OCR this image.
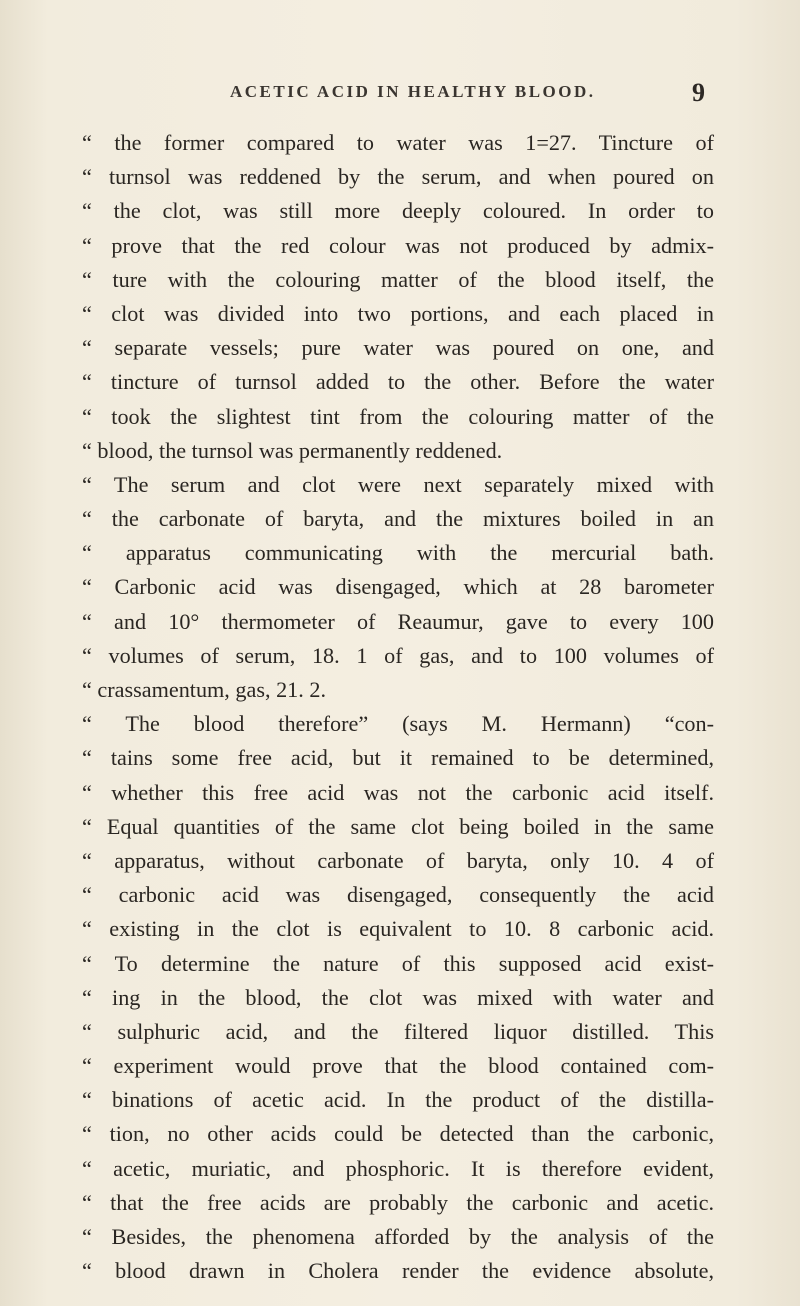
ACETIC ACID IN HEALTHY BLOOD.	9
“ the former compared to water was 1=27. Tincture of
“ turnsol was reddened by the serum, and when poured on
“ the clot, was still more deeply coloured. In order to
“ prove that the red colour was not produced by admix-
“ ture with the colouring matter of the blood itself, the
“ clot was divided into two portions, and each placed in
“ separate vessels; pure water was poured on one, and
“ tincture of turnsol added to the other. Before the water
“ took the slightest tint from the colouring matter of the
“ blood, the turnsol was permanently reddened.
“ The serum and clot were next separately mixed with
“ the carbonate of baryta, and the mixtures boiled in an
“ apparatus communicating with the mercurial bath.
“ Carbonic acid was disengaged, which at 28 barometer
“ and 10° thermometer of Reaumur, gave to every 100
“ volumes of serum, 18. 1 of gas, and to 100 volumes of
“ crassamentum, gas, 21. 2.
“ The blood therefore” (says M. Hermann) “con-
“ tains some free acid, but it remained to be determined,
“ whether this free acid was not the carbonic acid itself.
“ Equal quantities of the same clot being boiled in the same
“ apparatus, without carbonate of baryta, only 10. 4 of
“ carbonic acid was disengaged, consequently the acid
“ existing in the clot is equivalent to 10. 8 carbonic acid.
“ To determine the nature of this supposed acid exist-
“ ing in the blood, the clot was mixed with water and
“ sulphuric acid, and the filtered liquor distilled. This
“ experiment would prove that the blood contained com-
“ binations of acetic acid. In the product of the distilla-
“ tion, no other acids could be detected than the carbonic,
“ acetic, muriatic, and phosphoric. It is therefore evident,
“ that the free acids are probably the carbonic and acetic.
“ Besides, the phenomena afforded by the analysis of the
“ blood drawn in Cholera render the evidence absolute,
